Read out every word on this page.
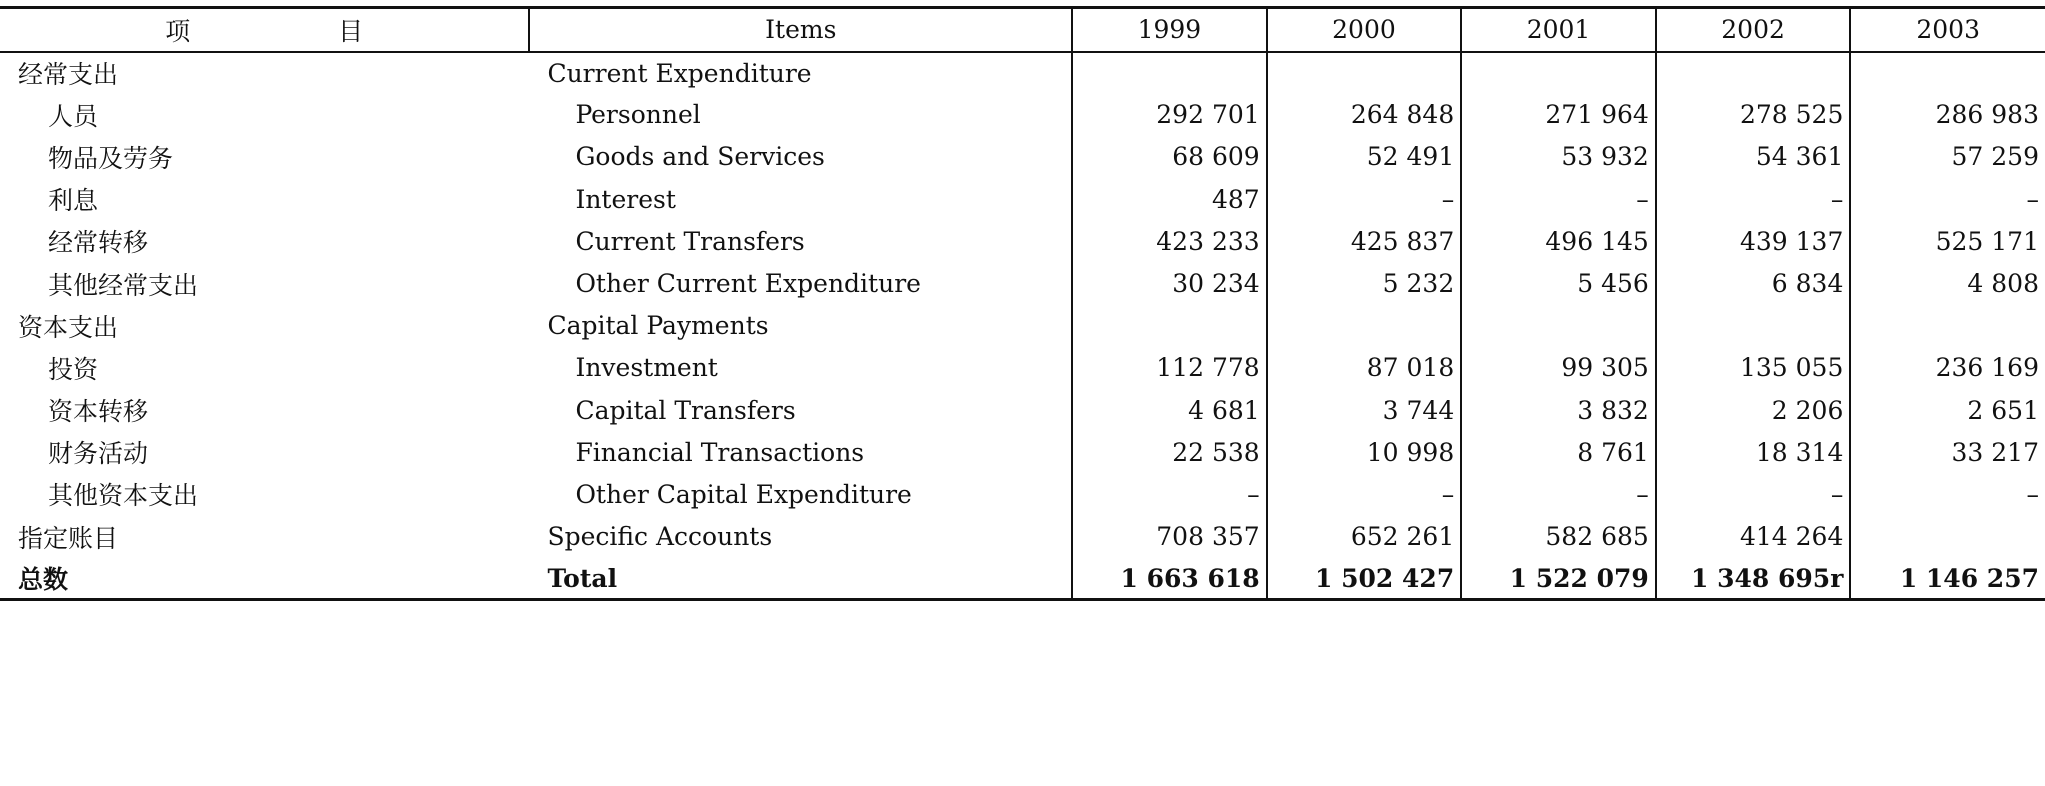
项 目	Items	1999	2000	2001	2002	2003
经常支出	Current Expenditure					
人员	Personnel	292 701	264 848	271 964	278 525	286 983
物品及劳务	Goods and Services	68 609	52 491	53 932	54 361	57 259
利息	Interest	487	–	–	–	–
经常转移	Current Transfers	423 233	425 837	496 145	439 137	525 171
其他经常支出	Other Current Expenditure	30 234	5 232	5 456	6 834	4 808
资本支出	Capital Payments					
投资	Investment	112 778	87 018	99 305	135 055	236 169
资本转移	Capital Transfers	4 681	3 744	3 832	2 206	2 651
财务活动	Financial Transactions	22 538	10 998	8 761	18 314	33 217
其他资本支出	Other Capital Expenditure	–	–	–	–	–
指定账目	Specific Accounts	708 357	652 261	582 685	414 264	
总数	Total	1 663 618	1 502 427	1 522 079	1 348 695r	1 146 257
